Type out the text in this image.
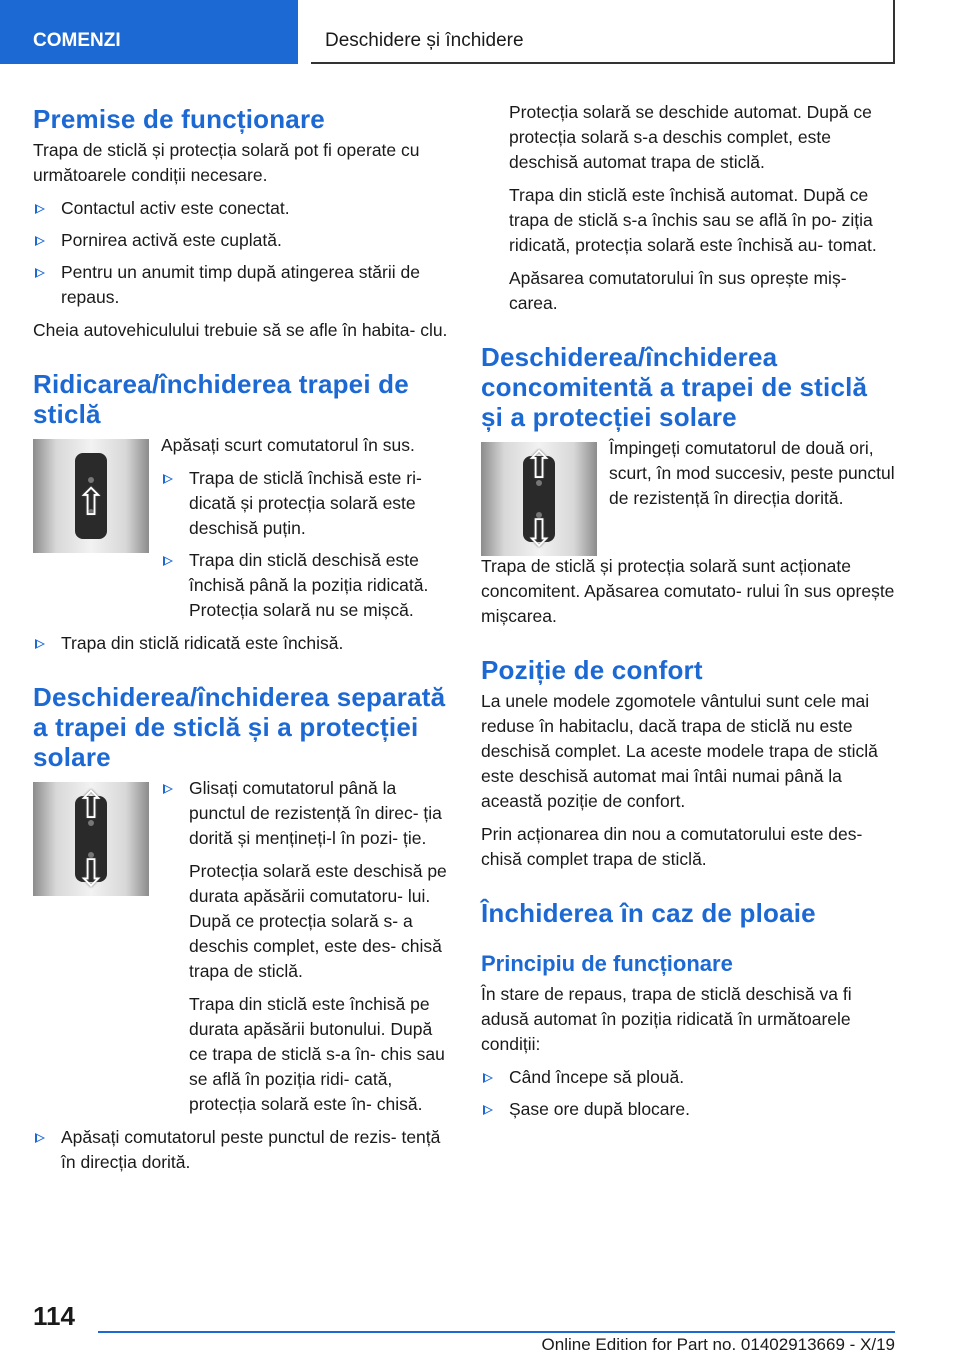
COMENZI	Deschidere și închidere
Premise de funcționare

Trapa de sticlă și protecția solară pot fi operate cu următoarele condiții necesare.

Contactul activ este conectat.
Pornirea activă este cuplată.
Pentru un anumit timp după atingerea stării de repaus.

Cheia autovehiculului trebuie să se afle în habita- clu.

Ridicarea/închiderea trapei de sticlă
⇧

Apăsați scurt comutatorul în sus.

Trapa de sticlă închisă este ri- dicată și protecția solară este deschisă puțin.
Trapa din sticlă deschisă este închisă până la poziția ridicată. Protecția solară nu se mișcă.
Trapa din sticlă ridicată este închisă.
Deschiderea/închiderea separată a trapei de sticlă și a protecției solare
⇧
⇩
Glisați comutatorul până la punctul de rezistență în direc- ția dorită și mențineți-l în pozi- ție.

Protecția solară este deschisă pe durata apăsării comutatoru- lui. După ce protecția solară s- a deschis complet, este des- chisă trapa de sticlă.

Trapa din sticlă este închisă pe durata apăsării butonului. După ce trapa de sticlă s-a în- chis sau se află în poziția ridi- cată, protecția solară este în- chisă.

Apăsați comutatorul peste punctul de rezis- tență în direcția dorită.

Protecția solară se deschide automat. După ce protecția solară s-a deschis complet, este deschisă automat trapa de sticlă.

Trapa din sticlă este închisă automat. După ce trapa de sticlă s-a închis sau se află în po- ziția ridicată, protecția solară este închisă au- tomat.

Apăsarea comutatorului în sus oprește miș- carea.

Deschiderea/închiderea concomitentă a trapei de sticlă și a protecției solare
⇧
⇩

Împingeți comutatorul de două ori, scurt, în mod succesiv, peste punctul de rezistență în direcția dorită.

Trapa de sticlă și protecția solară sunt acționate concomitent. Apăsarea comutato- rului în sus oprește mișcarea.

Poziție de confort

La unele modele zgomotele vântului sunt cele mai reduse în habitaclu, dacă trapa de sticlă nu este deschisă complet. La aceste modele trapa de sticlă este deschisă automat mai întâi numai până la această poziție de confort.

Prin acționarea din nou a comutatorului este des- chisă complet trapa de sticlă.

Închiderea în caz de ploaie
Principiu de funcționare

În stare de repaus, trapa de sticlă deschisă va fi adusă automat în poziția ridicată în următoarele condiții:

Când începe să plouă.
Șase ore după blocare.
114
Online Edition for Part no. 01402913669 - X/19
